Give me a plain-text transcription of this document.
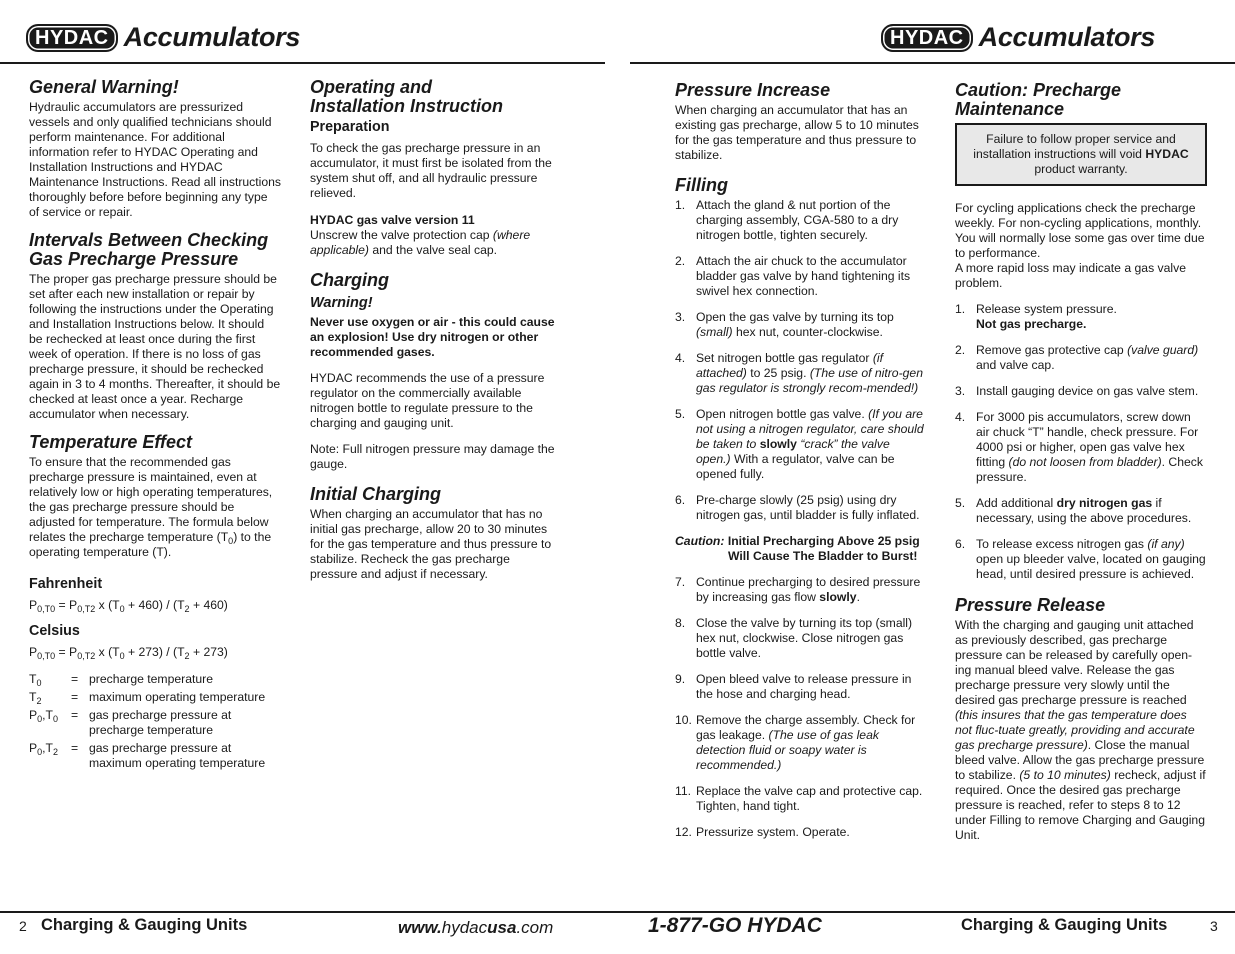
HYDAC Accumulators	HYDAC Accumulators
General Warning!

Hydraulic accumulators are pressurized vessels and only qualified technicians should perform maintenance. For additional information refer to HYDAC Operating and Installation Instructions and HYDAC Maintenance Instructions. Read all instructions thoroughly before before beginning any type of service or repair.

Intervals Between Checking Gas Precharge Pressure

The proper gas precharge pressure should be set after each new installation or repair by following the instructions under the Operating and Installation Instructions below. It should be rechecked at least once during the first week of operation. If there is no loss of gas precharge pressure, it should be rechecked again in 3 to 4 months. Thereafter, it should be checked at least once a year. Recharge accumulator when necessary.

Temperature Effect

To ensure that the recommended gas precharge pressure is maintained, even at relatively low or high operating temperatures, the gas precharge pressure should be adjusted for temperature. The formula below relates the precharge temperature $(T_0)$ to the operating temperature (T).

Fahrenheit
$P_{0,T0} = P_{0,T2}$ x $(T_0 + 460) / (T_2 + 460)$
Celsius
$P_{0,T0} = P_{0,T2}$ x $(T_0 + 273) / (T_2 + 273)$
$T_0$	=	precharge temperature
$T_2$	=	maximum operating temperature
$P_0,T_0$	=	gas precharge pressure at precharge temperature
$P_0,T_2$	=	gas precharge pressure at maximum operating temperature
Operating and Installation Instruction
Preparation

To check the gas precharge pressure in an accumulator, it must first be isolated from the system shut off, and all hydraulic pressure relieved.

HYDAC gas valve version 11

Unscrew the valve protection cap (where applicable) and the valve seal cap.

Charging
Warning!

Never use oxygen or air - this could cause an explosion! Use dry nitrogen or other recommended gases.

HYDAC recommends the use of a pressure regulator on the commercially available nitrogen bottle to regulate pressure to the charging and gauging unit.

Note: Full nitrogen pressure may damage the gauge.

Initial Charging

When charging an accumulator that has no initial gas precharge, allow 20 to 30 minutes for the gas temperature and thus pressure to stabilize. Recheck the gas precharge pressure and adjust if necessary.

Pressure Increase

When charging an accumulator that has an existing gas precharge, allow 5 to 10 minutes for the gas temperature and thus pressure to stabilize.

Filling
1. Attach the gland & nut portion of the charging assembly, CGA-580 to a dry nitrogen bottle, tighten securely.
2. Attach the air chuck to the accumulator bladder gas valve by hand tightening its swivel hex connection.
3. Open the gas valve by turning its top (small) hex nut, counter-clockwise.
4. Set nitrogen bottle gas regulator (if attached) to 25 psig. (The use of nitro-gen gas regulator is strongly recom-mended!)
5. Open nitrogen bottle gas valve. (If you are not using a nitrogen regulator, care should be taken to slowly “crack” the valve open.) With a regulator, valve can be opened fully.
6. Pre-charge slowly (25 psig) using dry nitrogen gas, until bladder is fully inflated.
Caution: Initial Precharging Above 25 psig
Will Cause The Bladder to Burst!
7. Continue precharging to desired pressure by increasing gas flow slowly.
8. Close the valve by turning its top (small) hex nut, clockwise. Close nitrogen gas bottle valve.
9. Open bleed valve to release pressure in the hose and charging head.
10. Remove the charge assembly. Check for gas leakage. (The use of gas leak detection fluid or soapy water is recommended.)
11. Replace the valve cap and protective cap. Tighten, hand tight.
12. Pressurize system. Operate.
Caution: Precharge Maintenance
Failure to follow proper service and installation instructions will void HYDAC product warranty.

For cycling applications check the precharge weekly. For non-cycling applications, monthly. You will normally lose some gas over time due to performance.
A more rapid loss may indicate a gas valve problem.

1. Release system pressure.
Not gas precharge.
2. Remove gas protective cap (valve guard) and valve cap.
3. Install gauging device on gas valve stem.
4. For 3000 pis accumulators, screw down air chuck “T” handle, check pressure. For 4000 psi or higher, open gas valve hex fitting (do not loosen from bladder). Check pressure.
5. Add additional dry nitrogen gas if necessary, using the above procedures.
6. To release excess nitrogen gas (if any) open up bleeder valve, located on gauging head, until desired pressure is achieved.
Pressure Release

With the charging and gauging unit attached as previously described, gas precharge pressure can be released by carefully open-ing manual bleed valve. Release the gas precharge pressure very slowly until the desired gas precharge pressure is reached (this insures that the gas temperature does not fluc-tuate greatly, providing and accurate gas precharge pressure). Close the manual bleed valve. Allow the gas precharge pressure to stabilize. (5 to 10 minutes) recheck, adjust if required. Once the desired gas precharge pressure is reached, refer to steps 8 to 12 under Filling to remove Charging and Gauging Unit.

2 Charging & Gauging Units	www.hydacusa.com	1-877-GO HYDAC	Charging & Gauging Units	3
